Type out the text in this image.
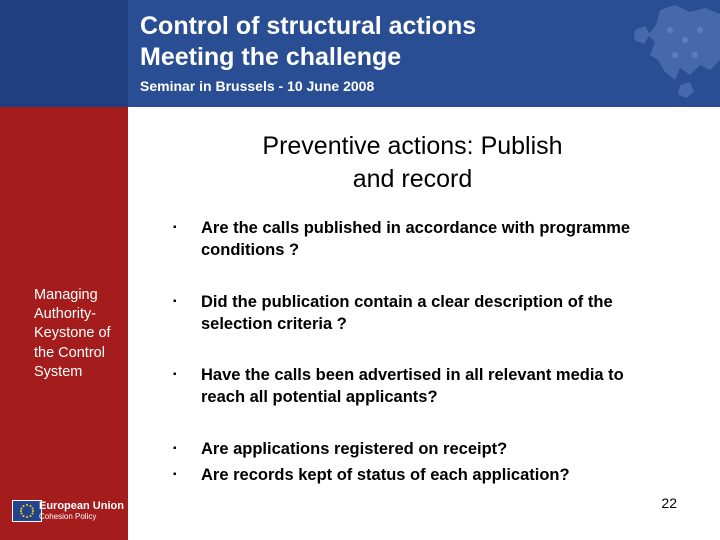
Control of structural actions
Meeting the challenge
Seminar in Brussels - 10 June 2008
Managing Authority-Keystone of the Control System
European Union
Cohesion Policy
Preventive actions: Publish and record
▪	Are the calls published in accordance with programme conditions ?
▪	Did the publication contain a clear description of the selection criteria ?
▪	Have the calls been advertised in all relevant media to reach all potential applicants?
▪	Are applications registered on receipt?
▪	Are records kept of status of each application?
22
